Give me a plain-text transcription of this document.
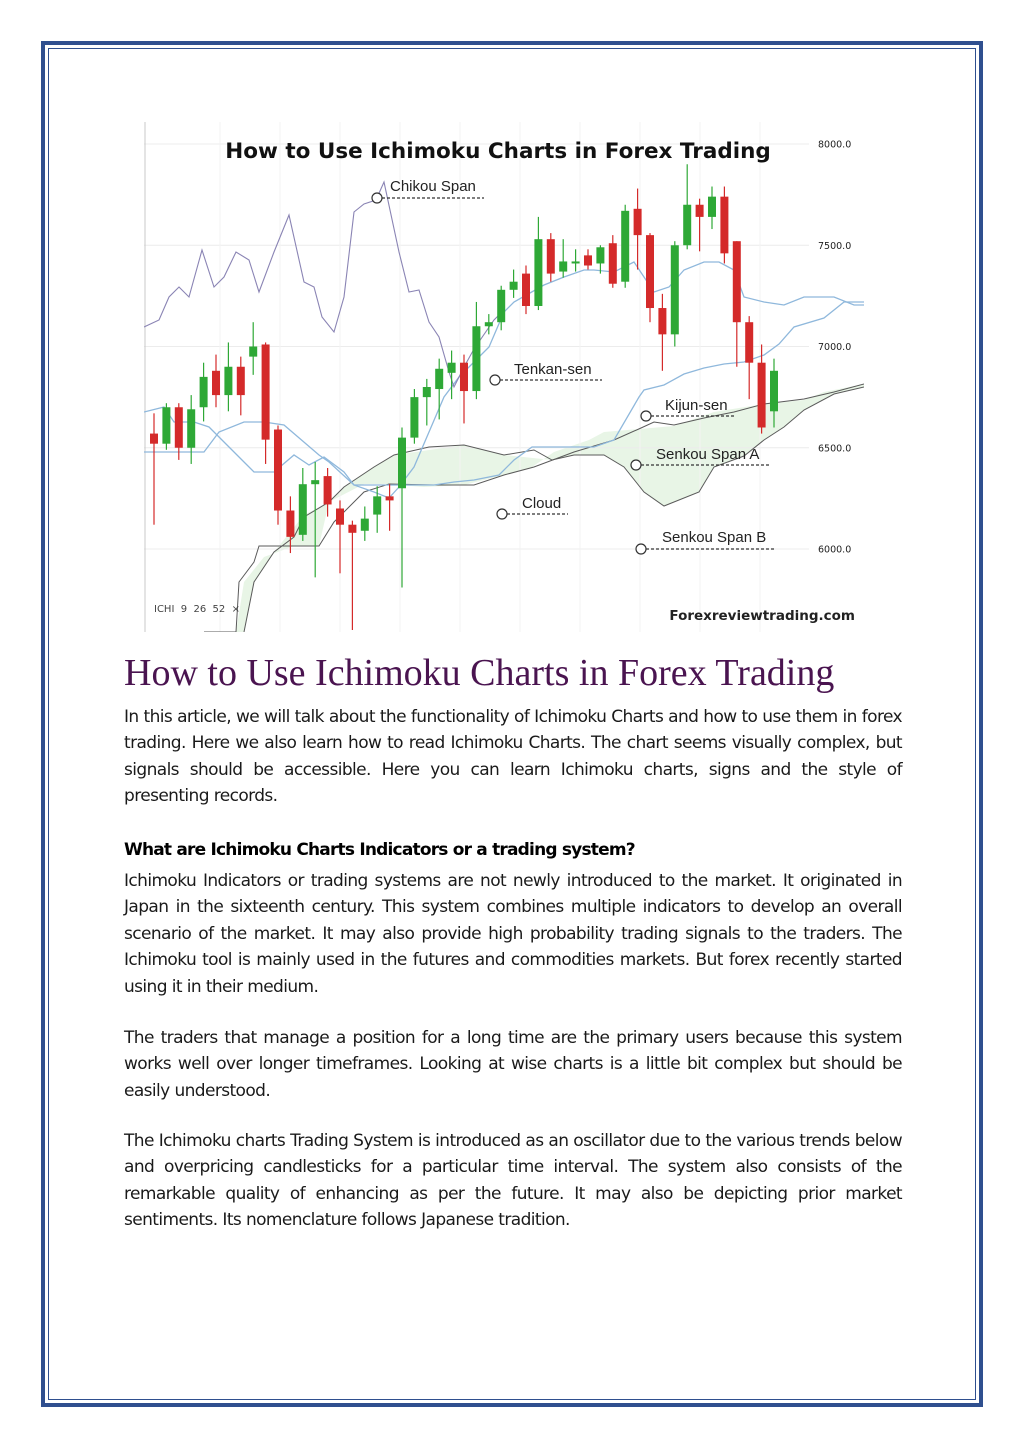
Chikou Span
Tenkan-sen
Kijun-sen
Senkou Span A
Cloud
Senkou Span B
How to Use Ichimoku Charts in Forex Trading	8000.0
7500.0
7000.0
6500.0
6000.0
ICHI  9  26  52  ×	Forexreviewtrading.com
How to Use Ichimoku Charts in Forex Trading

In this article, we will talk about the functionality of Ichimoku Charts and how to use them in forex trading. Here we also learn how to read Ichimoku Charts. The chart seems visually complex, but signals should be accessible. Here you can learn Ichimoku charts, signs and the style of presenting records.

What are Ichimoku Charts Indicators or a trading system?

Ichimoku Indicators or trading systems are not newly introduced to the market. It originated in Japan in the sixteenth century. This system combines multiple indicators to develop an overall scenario of the market. It may also provide high probability trading signals to the traders. The Ichimoku tool is mainly used in the futures and commodities markets. But forex recently started using it in their medium.

The traders that manage a position for a long time are the primary users because this system works well over longer timeframes. Looking at wise charts is a little bit complex but should be easily understood.

The Ichimoku charts Trading System is introduced as an oscillator due to the various trends below and overpricing candlesticks for a particular time interval. The system also consists of the remarkable quality of enhancing as per the future. It may also be depicting prior market sentiments. Its nomenclature follows Japanese tradition.
